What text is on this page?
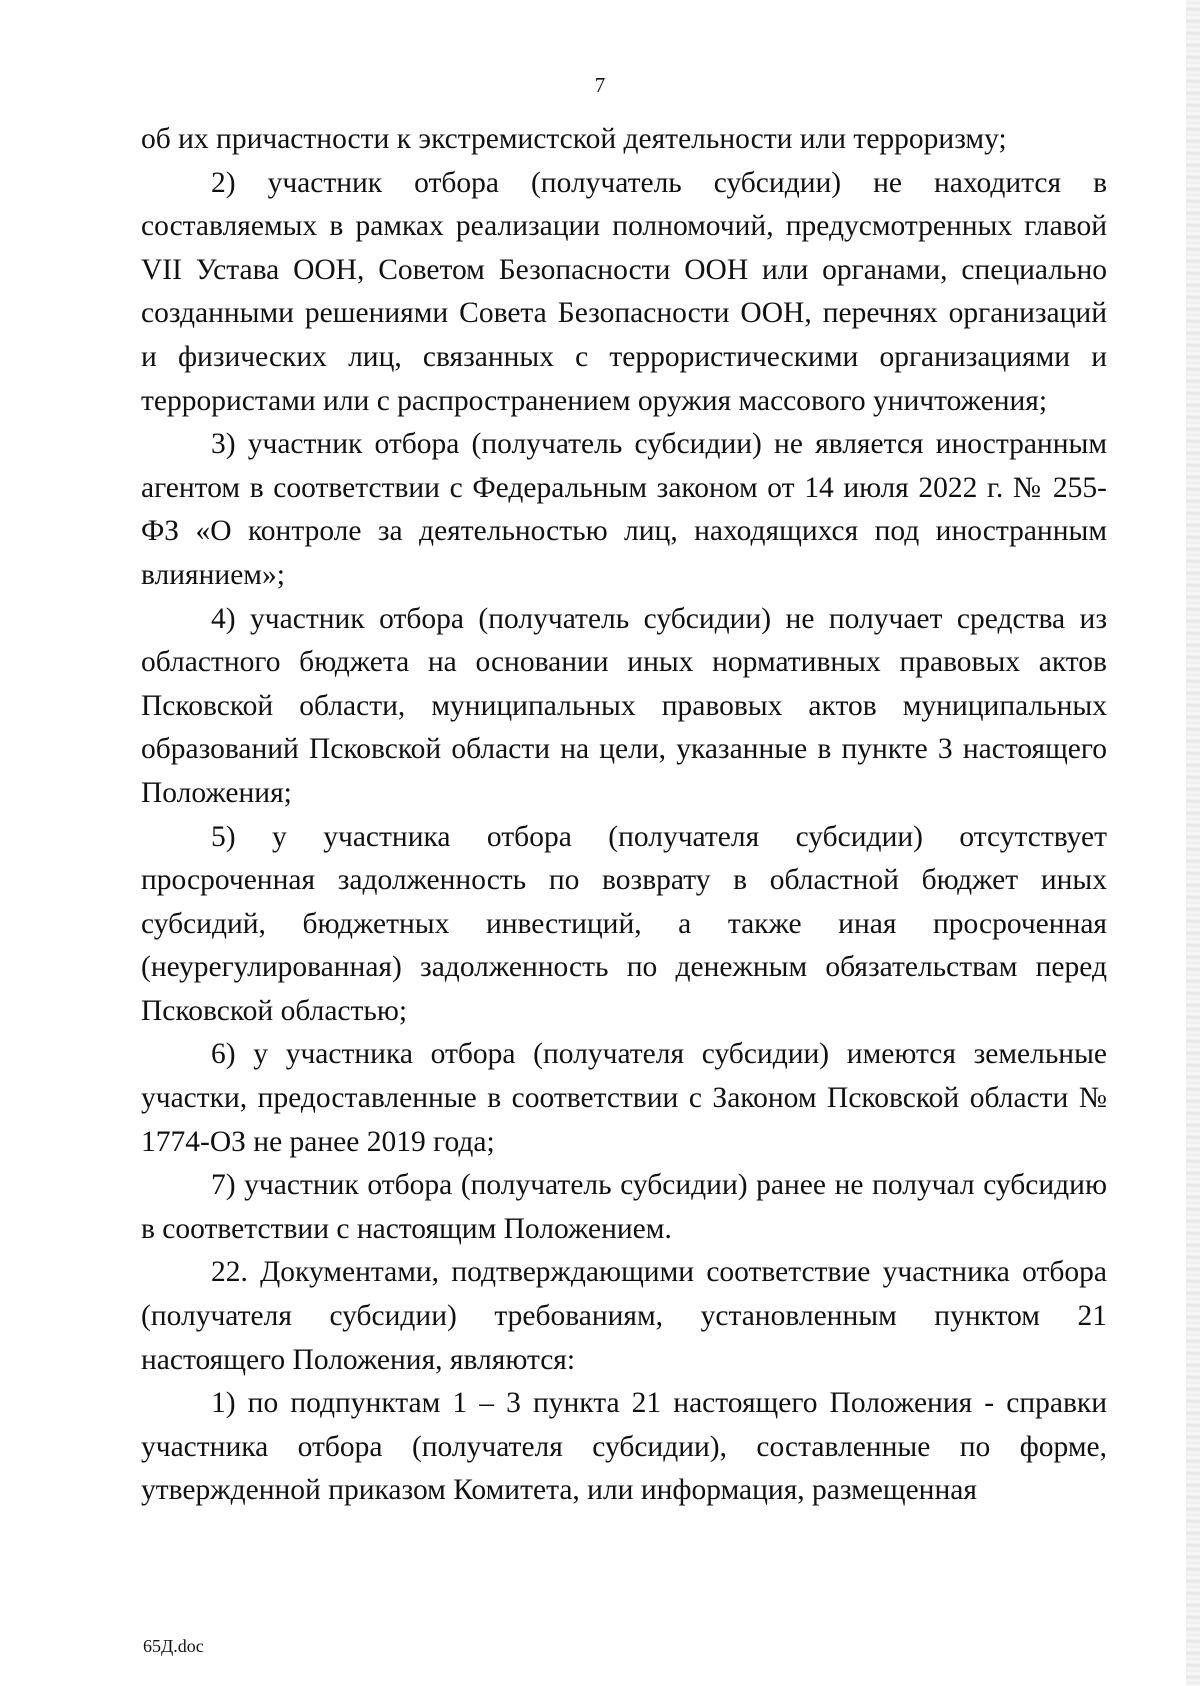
7

об их причастности к экстремистской деятельности или терроризму;

2) участник отбора (получатель субсидии) не находится в составляемых в рамках реализации полномочий, предусмотренных главой VII Устава ООН, Советом Безопасности ООН или органами, специально созданными решениями Совета Безопасности ООН, перечнях организаций и физических лиц, связанных с террористическими организациями и террористами или с распространением оружия массового уничтожения;

3) участник отбора (получатель субсидии) не является иностранным агентом в соответствии с Федеральным законом от 14 июля 2022 г. № 255-ФЗ «О контроле за деятельностью лиц, находящихся под иностранным влиянием»;

4) участник отбора (получатель субсидии) не получает средства из областного бюджета на основании иных нормативных правовых актов Псковской области, муниципальных правовых актов муниципальных образований Псковской области на цели, указанные в пункте 3 настоящего Положения;

5) у участника отбора (получателя субсидии) отсутствует просроченная задолженность по возврату в областной бюджет иных субсидий, бюджетных инвестиций, а также иная просроченная (неурегулированная) задолженность по денежным обязательствам перед Псковской областью;

6) у участника отбора (получателя субсидии) имеются земельные участки, предоставленные в соответствии с Законом Псковской области № 1774-ОЗ не ранее 2019 года;

7) участник отбора (получатель субсидии) ранее не получал субсидию в соответствии с настоящим Положением.

22. Документами, подтверждающими соответствие участника отбора (получателя субсидии) требованиям, установленным пунктом 21 настоящего Положения, являются:

1) по подпунктам 1 – 3 пункта 21 настоящего Положения - справки участника отбора (получателя субсидии), составленные по форме, утвержденной приказом Комитета, или информация, размещенная

65Д.doc
